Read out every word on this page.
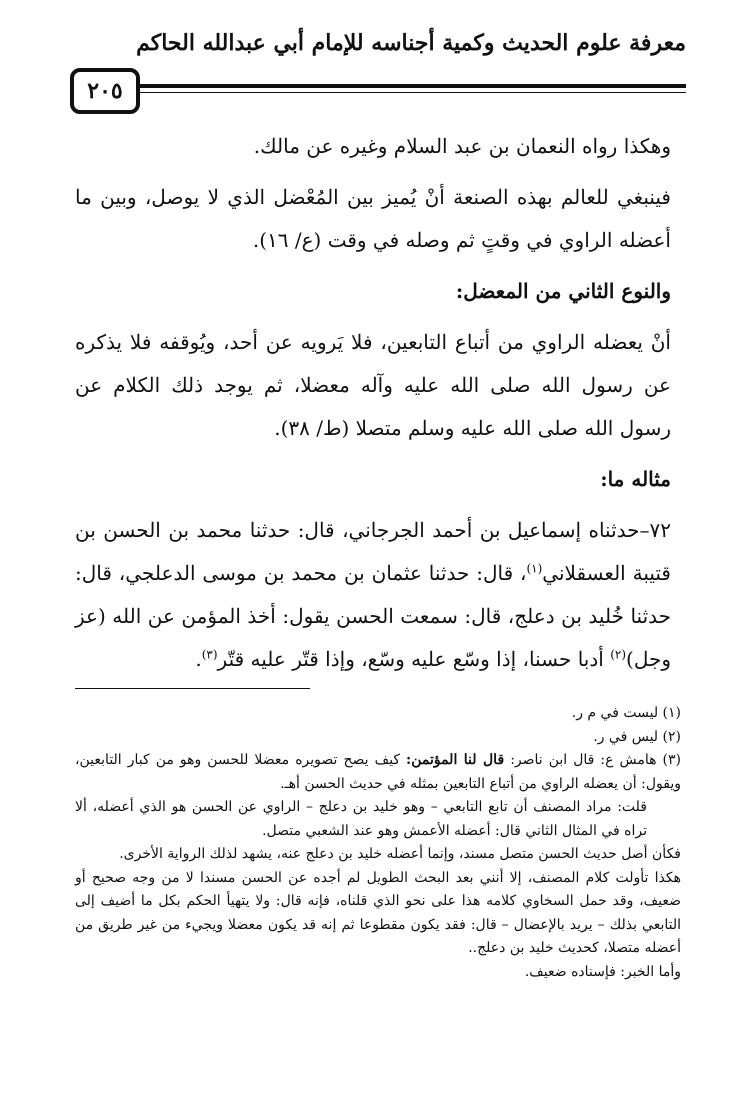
معرفة علوم الحديث وكمية أجناسه للإمام أبي عبدالله الحاكم
٢٠٥

وهكذا رواه النعمان بن عبد السلام وغيره عن مالك.

فينبغي للعالم بهذه الصنعة أنْ يُميز بين المُعْضل الذي لا يوصل، وبين ما أعضله الراوي في وقتٍ ثم وصله في وقت (ع/ ١٦).

والنوع الثاني من المعضل:

أنْ يعضله الراوي من أتباع التابعين، فلا يَرويه عن أحد، ويُوقفه فلا يذكره عن رسول الله صلى الله عليه وآله معضلا، ثم يوجد ذلك الكلام عن رسول الله صلى الله عليه وسلم متصلا (ط/ ٣٨).

مثاله ما:

٧٢–حدثناه إسماعيل بن أحمد الجرجاني، قال: حدثنا محمد بن الحسن بن قتيبة العسقلاني$^{(١)}$، قال: حدثنا عثمان بن محمد بن موسى الدعلجي، قال: حدثنا خُليد بن دعلج، قال: سمعت الحسن يقول: أخذ المؤمن عن الله (عز وجل)$^{(٢)}$ أدبا حسنا، إذا وسّع عليه وسّع، وإذا قتّر عليه قتّر$^{(٣)}$.

(١) ليست في م ر.

(٢) ليس في ر.

(٣) هامش ع: قال ابن ناصر: قال لنا المؤتمن: كيف يصح تصويره معضلا للحسن وهو من كبار التابعين، ويقول: أن يعضله الراوي من أتباع التابعين بمثله في حديث الحسن أهـ.

قلت: مراد المصنف أن تابع التابعي – وهو خليد بن دعلج – الراوي عن الحسن هو الذي أعضله، ألا تراه في المثال الثاني قال: أعضله الأعمش وهو عند الشعبي متصل.

فكأن أصل حديث الحسن متصل مسند، وإنما أعضله خليد بن دعلج عنه، يشهد لذلك الرواية الأخرى.

هكذا تأولت كلام المصنف، إلا أنني بعد البحث الطويل لم أجده عن الحسن مسندا لا من وجه صحيح أو ضعيف، وقد حمل السخاوي كلامه هذا على نحو الذي قلناه، فإنه قال: ولا يتهيأ الحكم بكل ما أضيف إلى التابعي بذلك – يريد بالإعضال – قال: فقد يكون مقطوعا ثم إنه قد يكون معضلا ويجيء من غير طريق من أعضله متصلا، كحديث خليد بن دعلج..

وأما الخبر: فإسناده ضعيف.
